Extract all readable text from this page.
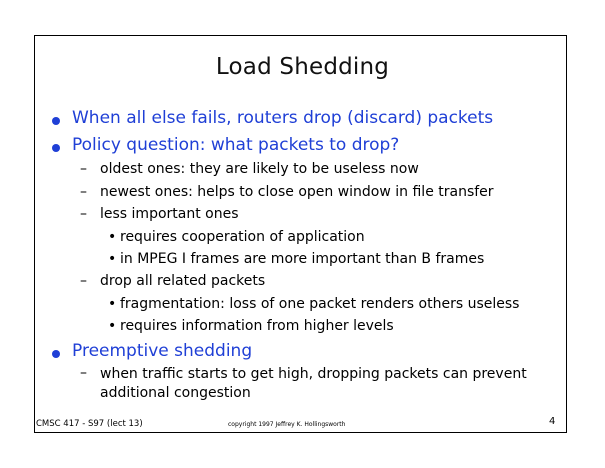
Load Shedding
When all else fails, routers drop (discard) packets
Policy question: what packets to drop?
– oldest ones: they are likely to be useless now
– newest ones: helps to close open window in file transfer
– less important ones
• requires cooperation of application
• in MPEG I frames are more important than B frames
– drop all related packets
• fragmentation: loss of one packet renders others useless
• requires information from higher levels
Preemptive shedding
– when traffic starts to get high, dropping packets can prevent additional congestion
CMSC 417 - S97 (lect 13)	copyright 1997 Jeffrey K. Hollingsworth	4
